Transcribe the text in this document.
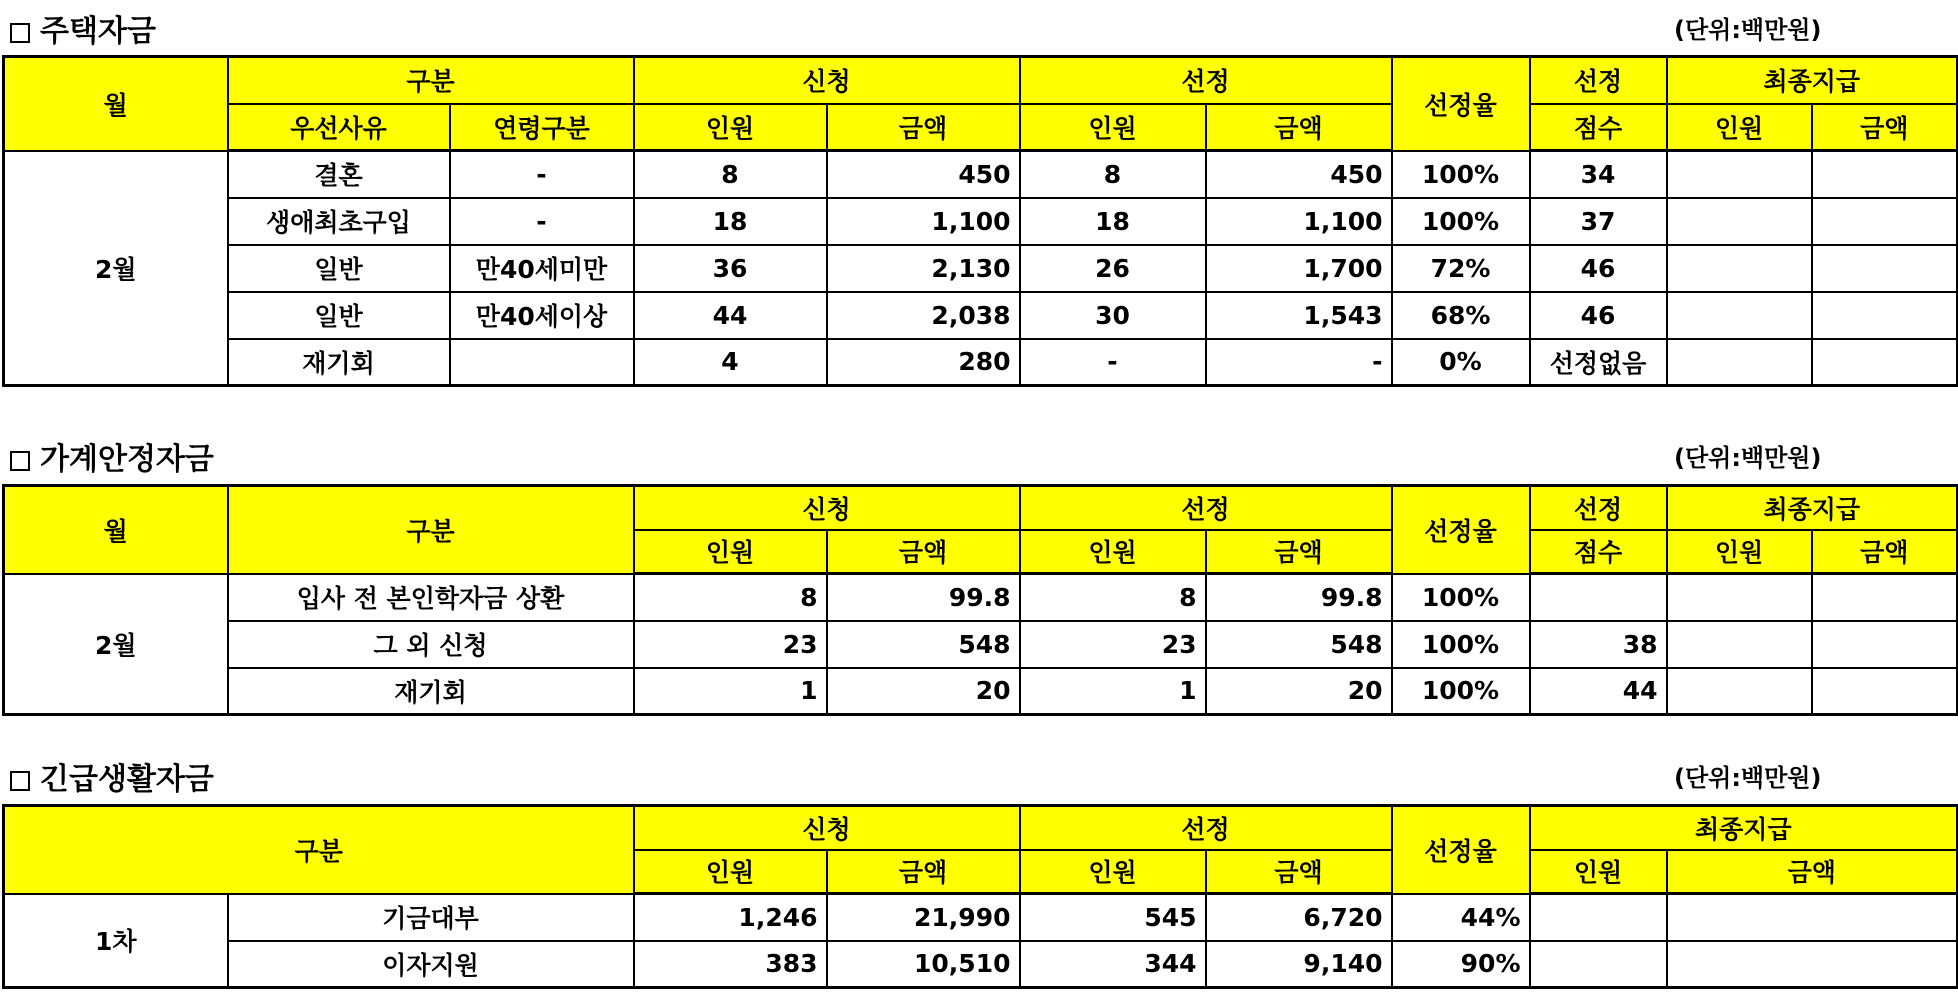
주택자금	(단위:백만원)
월	구분		신청		선정		선정율	선정	최종지급	
	우선사유	연령구분	인원	금액	인원	금액		점수	인원	금액
2월	결혼	-	8	450	8	450	100%	34		
	생애최초구입	-	18	1,100	18	1,100	100%	37		
	일반	만40세미만	36	2,130	26	1,700	72%	46		
	일반	만40세이상	44	2,038	30	1,543	68%	46		
	재기회		4	280	-	-	0%	선정없음		
가계안정자금	(단위:백만원)
월	구분	신청		선정		선정율	선정	최종지급	
		인원	금액	인원	금액		점수	인원	금액
2월	입사 전 본인학자금 상환	8	99.8	8	99.8	100%			
	그 외 신청	23	548	23	548	100%	38		
	재기회	1	20	1	20	100%	44		
긴급생활자금	(단위:백만원)
구분		신청		선정		선정율	최종지급	
		인원	금액	인원	금액		인원	금액
1차	기금대부	1,246	21,990	545	6,720	44%		
	이자지원	383	10,510	344	9,140	90%		
